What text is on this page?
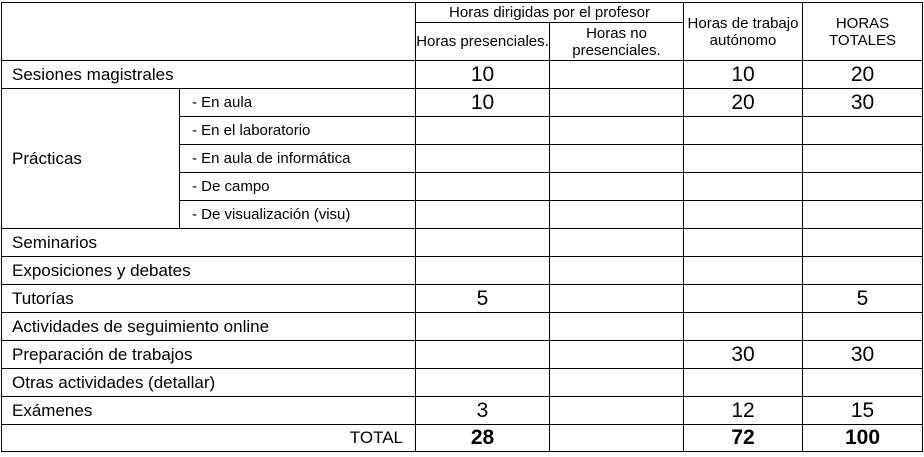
		Horas dirigidas por el profesor		Horas de trabajo autónomo	HORAS TOTALES
		Horas presenciales.	Horas no presenciales.		
Sesiones magistrales		10		10	20
Prácticas	- En aula	10		20	30
	- En el laboratorio				
	- En aula de informática				
	- De campo				
	- De visualización (visu)				
Seminarios					
Exposiciones y debates					
Tutorías		5			5
Actividades de seguimiento online					
Preparación de trabajos				30	30
Otras actividades (detallar)					
Exámenes		3		12	15
TOTAL		28		72	100
